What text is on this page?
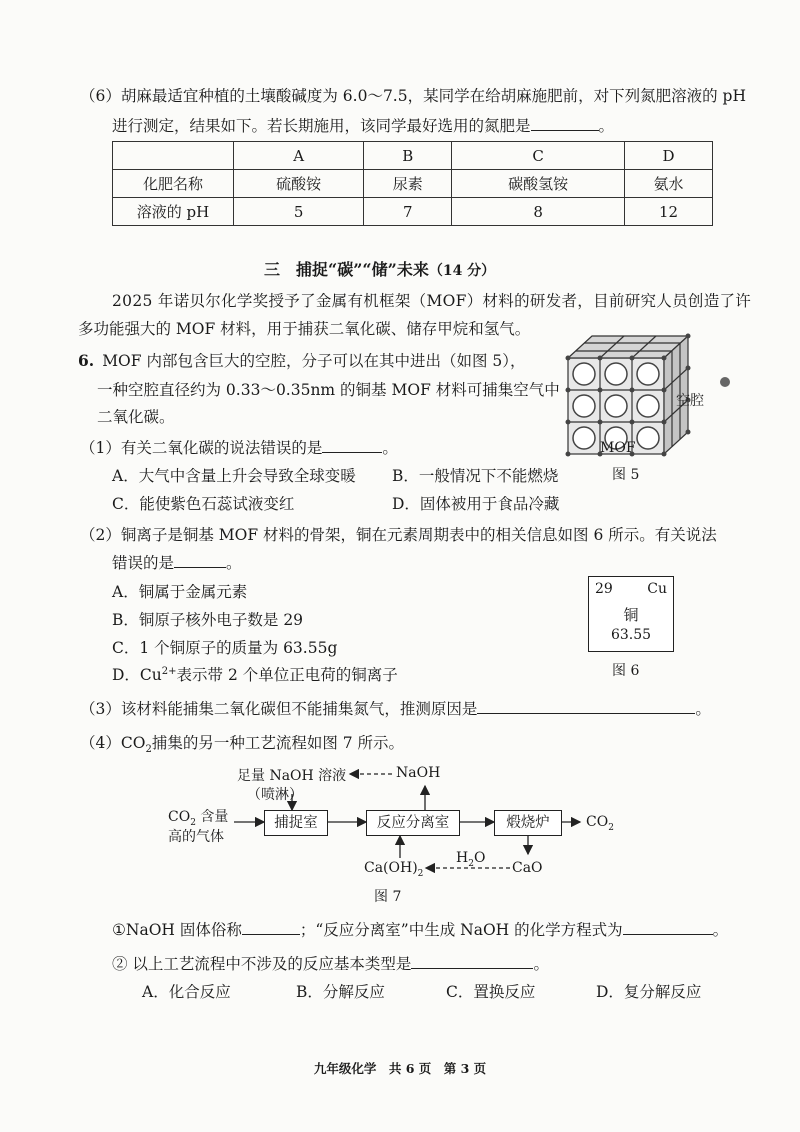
（6）胡麻最适宜种植的土壤酸碱度为 6.0～7.5，某同学在给胡麻施肥前，对下列氮肥溶液的 pH
进行测定，结果如下。若长期施用，该同学最好选用的氮肥是	。
	A	B	C	D
化肥名称	硫酸铵	尿素	碳酸氢铵	氨水
溶液的 pH	5	7	8	12
三　捕捉“碳”“储”未来（14 分）
2025 年诺贝尔化学奖授予了金属有机框架（MOF）材料的研发者，目前研究人员创造了许
多功能强大的 MOF 材料，用于捕获二氧化碳、储存甲烷和氢气。
6. MOF 内部包含巨大的空腔，分子可以在其中进出（如图 5），
一种空腔直径约为 0.33～0.35nm 的铜基 MOF 材料可捕集空气中
二氧化碳。
空腔
MOF
图 5
（1）有关二氧化碳的说法错误的是	。
A．大气中含量上升会导致全球变暖 B．一般情况下不能燃烧
C．能使紫色石蕊试液变红	D．固体被用于食品冷藏
（2）铜离子是铜基 MOF 材料的骨架，铜在元素周期表中的相关信息如图 6 所示。有关说法
错误的是	。
A．铜属于金属元素
B．铜原子核外电子数是 29
C．1 个铜原子的质量为 63.55g
D．$Cu^{2+}$表示带 2 个单位正电荷的铜离子
29 Cu
铜
63.55
图 6
（3）该材料能捕集二氧化碳但不能捕集氮气，推测原因是	。
$(4)CO_2$捕集的另一种工艺流程如图 7 所示。
足量 NaOH 溶液
（喷淋）
NaOH
$CO_2$ 含量
高的气体
捕捉室	反应分离室	煅烧炉	$CO_2$
$Ca(OH)_2$
$H_2O$
CaO
图 7
①NaOH 固体俗称	；“反应分离室”中生成 NaOH 的化学方程式为	。
② 以上工艺流程中不涉及的反应基本类型是	。
A．化合反应	B．分解反应	C．置换反应	D．复分解反应
九年级化学　共 6 页　第 3 页
